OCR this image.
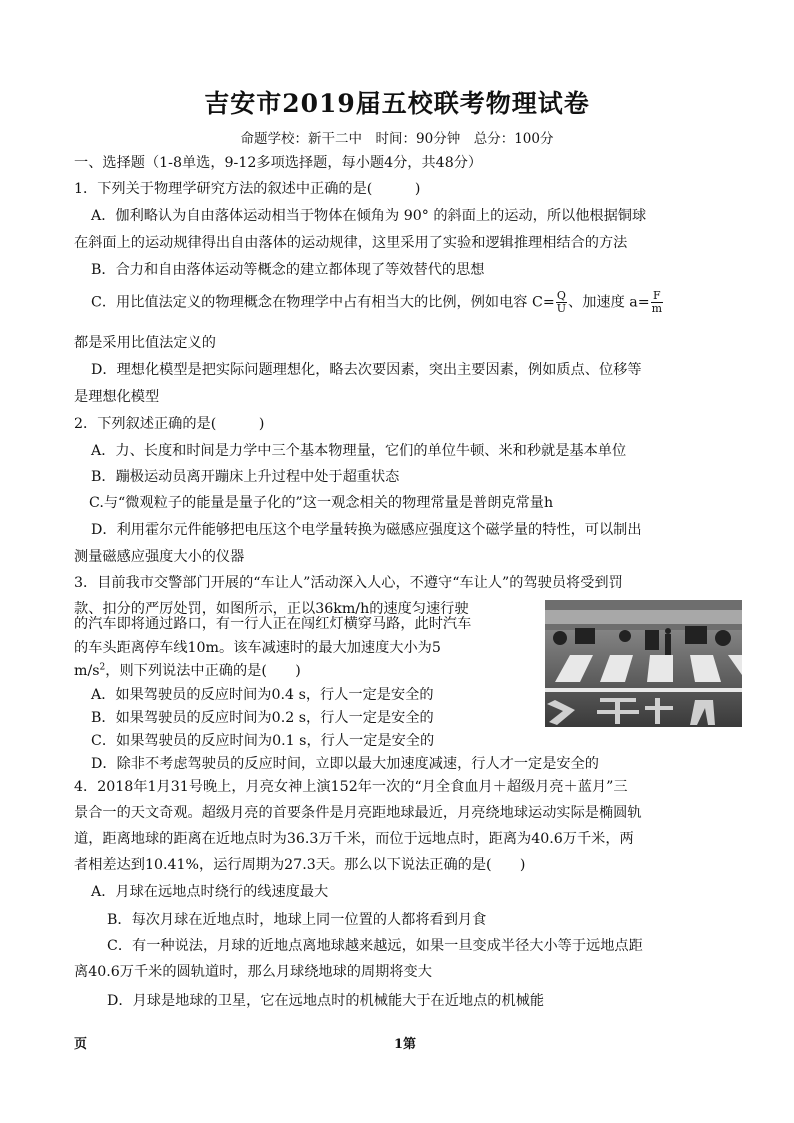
吉安市2019届五校联考物理试卷
命题学校：新干二中　时间：90分钟　总分：100分
一、选择题（1-8单选，9-12多项选择题，每小题4分，共48分）
1．下列关于物理学研究方法的叙述中正确的是(　　　)
A．伽利略认为自由落体运动相当于物体在倾角为 90° 的斜面上的运动，所以他根据铜球
在斜面上的运动规律得出自由落体的运动规律，这里采用了实验和逻辑推理相结合的方法
B．合力和自由落体运动等概念的建立都体现了等效替代的思想
C．用比值法定义的物理概念在物理学中占有相当大的比例，例如电容 $C= \frac{Q}{U}$ 、加速度 $a= \frac{F}{m}$
都是采用比值法定义的
D．理想化模型是把实际问题理想化，略去次要因素，突出主要因素，例如质点、位移等
是理想化模型
2．下列叙述正确的是(　　　)
A．力、长度和时间是力学中三个基本物理量，它们的单位牛顿、米和秒就是基本单位
B．蹦极运动员离开蹦床上升过程中处于超重状态
C.与“微观粒子的能量是量子化的”这一观念相关的物理常量是普朗克常量h
D．利用霍尔元件能够把电压这个电学量转换为磁感应强度这个磁学量的特性，可以制出
测量磁感应强度大小的仪器
3．目前我市交警部门开展的“车让人”活动深入人心，不遵守“车让人”的驾驶员将受到罚
款、扣分的严厉处罚，如图所示，正以36km/h的速度匀速行驶
的汽车即将通过路口，有一行人正在闯红灯横穿马路，此时汽车
的车头距离停车线10m。该车减速时的最大加速度大小为5
$m/s^2$，则下列说法中正确的是(　　)
A．如果驾驶员的反应时间为0.4 s，行人一定是安全的
B．如果驾驶员的反应时间为0.2 s，行人一定是安全的
C．如果驾驶员的反应时间为0.1 s，行人一定是安全的
D．除非不考虑驾驶员的反应时间，立即以最大加速度减速，行人才一定是安全的
4．2018年1月31号晚上，月亮女神上演152年一次的“月全食血月＋超级月亮＋蓝月”三
景合一的天文奇观。超级月亮的首要条件是月亮距地球最近，月亮绕地球运动实际是椭圆轨
道，距离地球的距离在近地点时为36.3万千米，而位于远地点时，距离为40.6万千米，两
者相差达到10.41%，运行周期为27.3天。那么以下说法正确的是(　　)
A．月球在远地点时绕行的线速度最大
B．每次月球在近地点时，地球上同一位置的人都将看到月食
C．有一种说法，月球的近地点离地球越来越远，如果一旦变成半径大小等于远地点距
离40.6万千米的圆轨道时，那么月球绕地球的周期将变大
D．月球是地球的卫星，它在远地点时的机械能大于在近地点的机械能
页	1第
